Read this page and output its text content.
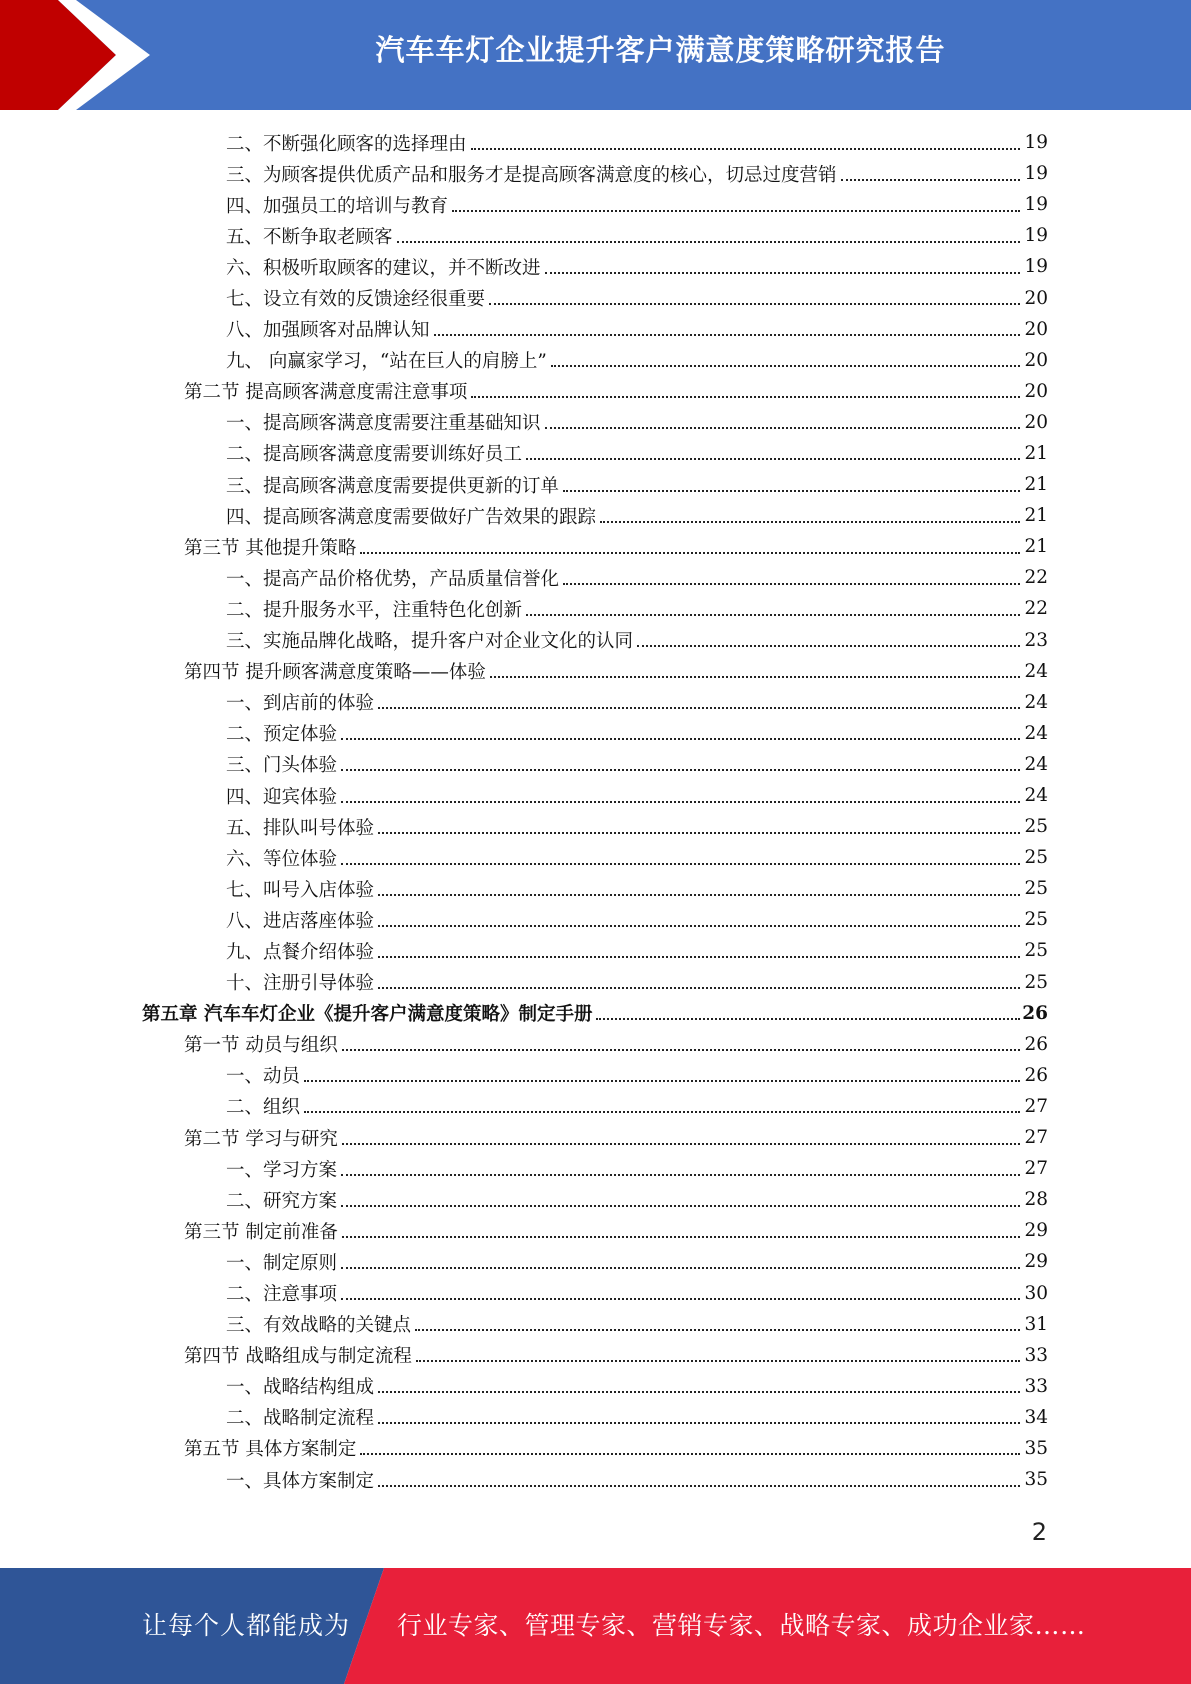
汽车车灯企业提升客户满意度策略研究报告
二、不断强化顾客的选择理由	19
三、为顾客提供优质产品和服务才是提高顾客满意度的核心，切忌过度营销	19
四、加强员工的培训与教育	19
五、不断争取老顾客	19
六、积极听取顾客的建议，并不断改进	19
七、设立有效的反馈途经很重要	20
八、加强顾客对品牌认知	20
九、 向赢家学习，“站在巨人的肩膀上”	20
第二节 提高顾客满意度需注意事项	20
一、提高顾客满意度需要注重基础知识	20
二、提高顾客满意度需要训练好员工	21
三、提高顾客满意度需要提供更新的订单	21
四、提高顾客满意度需要做好广告效果的跟踪	21
第三节 其他提升策略	21
一、提高产品价格优势，产品质量信誉化	22
二、提升服务水平，注重特色化创新	22
三、实施品牌化战略，提升客户对企业文化的认同	23
第四节 提升顾客满意度策略——体验	24
一、到店前的体验	24
二、预定体验	24
三、门头体验	24
四、迎宾体验	24
五、排队叫号体验	25
六、等位体验	25
七、叫号入店体验	25
八、进店落座体验	25
九、点餐介绍体验	25
十、注册引导体验	25
第五章 汽车车灯企业《提升客户满意度策略》制定手册	26
第一节 动员与组织	26
一、动员	26
二、组织	27
第二节 学习与研究	27
一、学习方案	27
二、研究方案	28
第三节 制定前准备	29
一、制定原则	29
二、注意事项	30
三、有效战略的关键点	31
第四节 战略组成与制定流程	33
一、战略结构组成	33
二、战略制定流程	34
第五节 具体方案制定	35
一、具体方案制定	35
2
让每个人都能成为 行业专家、管理专家、营销专家、战略专家、成功企业家……
